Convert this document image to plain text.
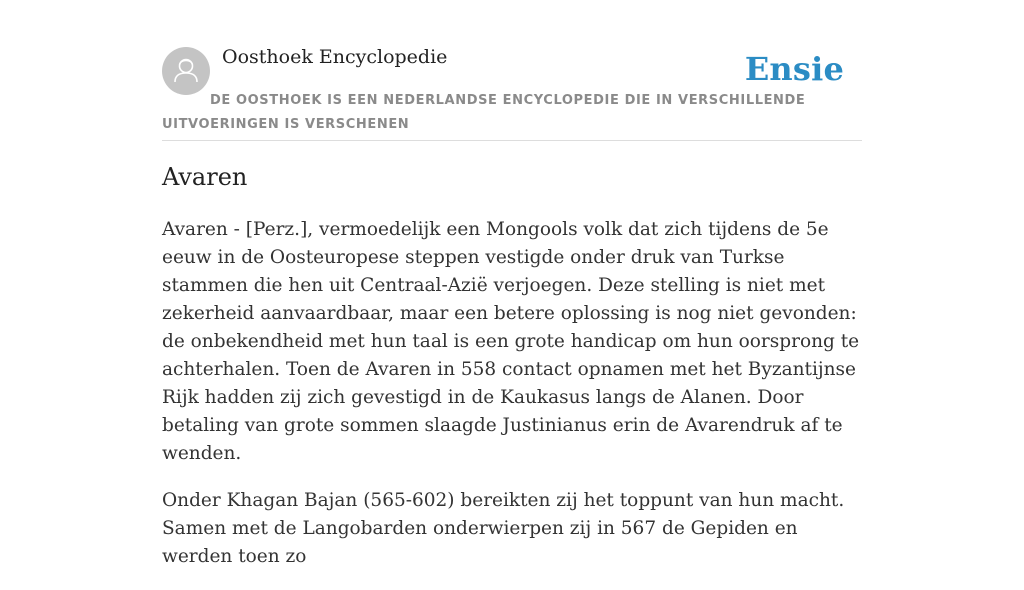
Oosthoek Encyclopedie	Ensie
DE OOSTHOEK IS EEN NEDERLANDSE ENCYCLOPEDIE DIE IN VERSCHILLENDE UITVOERINGEN IS VERSCHENEN
Avaren

Avaren - [Perz.], vermoedelijk een Mongools volk dat zich tijdens de 5e eeuw in de Oosteuropese steppen vestigde onder druk van Turkse stammen die hen uit Centraal-Azië verjoegen. Deze stelling is niet met zekerheid aanvaardbaar, maar een betere oplossing is nog niet gevonden: de onbekendheid met hun taal is een grote handicap om hun oorsprong te achterhalen. Toen de Avaren in 558 contact opnamen met het Byzantijnse Rijk hadden zij zich gevestigd in de Kaukasus langs de Alanen. Door betaling van grote sommen slaagde Justinianus erin de Avarendruk af te wenden.

Onder Khagan Bajan (565-602) bereikten zij het toppunt van hun macht. Samen met de Langobarden onderwierpen zij in 567 de Gepiden en werden toen zo
